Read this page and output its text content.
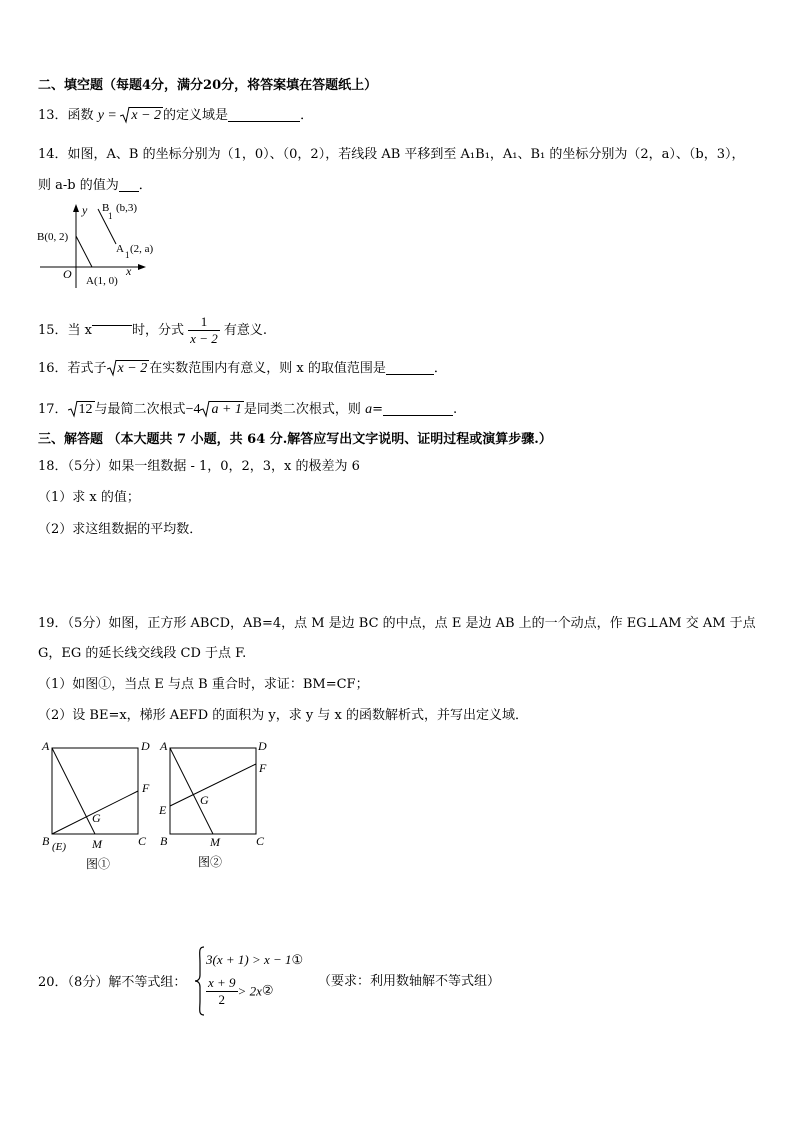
二、填空题（每题4分，满分20分，将答案填在答题纸上）
13．函数 y =
x − 2 的定义域是	．
14．如图，A、B 的坐标分别为（1，0）、（0，2），若线段 AB 平移到至 A₁B₁，A₁、B₁ 的坐标分别为（2，a）、（b，3），
则 a-b 的值为 ．
y
x
O
B(0, 2)
A(1, 0)
B
1
(b,3)
A 1 (2, a)
15．当 x	时，分式 $\frac{1}{x - 2}$ 有意义.
16．若式子 x − 2 在实数范围内有意义，则 x 的取值范围是	．
17． 12 与最简二次根式−4 a + 1 是同类二次根式，则 a=	.
三、解答题 （本大题共 7 小题，共 64 分.解答应写出文字说明、证明过程或演算步骤.）
18．（5分）如果一组数据 - 1，0，2，3，x 的极差为 6
（1）求 x 的值；
（2）求这组数据的平均数．
19．（5分）如图，正方形 ABCD，AB=4，点 M 是边 BC 的中点，点 E 是边 AB 上的一个动点，作 EG⊥AM 交 AM 于点
G，EG 的延长线交线段 CD 于点 F.
（1）如图①，当点 E 与点 B 重合时，求证：BM=CF；
（2）设 BE=x，梯形 AEFD 的面积为 y，求 y 与 x 的函数解析式，并写出定义域．
A	D
F
G
B (E) M	C
图①
A	D
F
G
E
B	M	C
图②
20．（8分）解不等式组：
3(x + 1) > x − 1①
$\frac{x + 9}{2}$ > 2x②
（要求：利用数轴解不等式组）
